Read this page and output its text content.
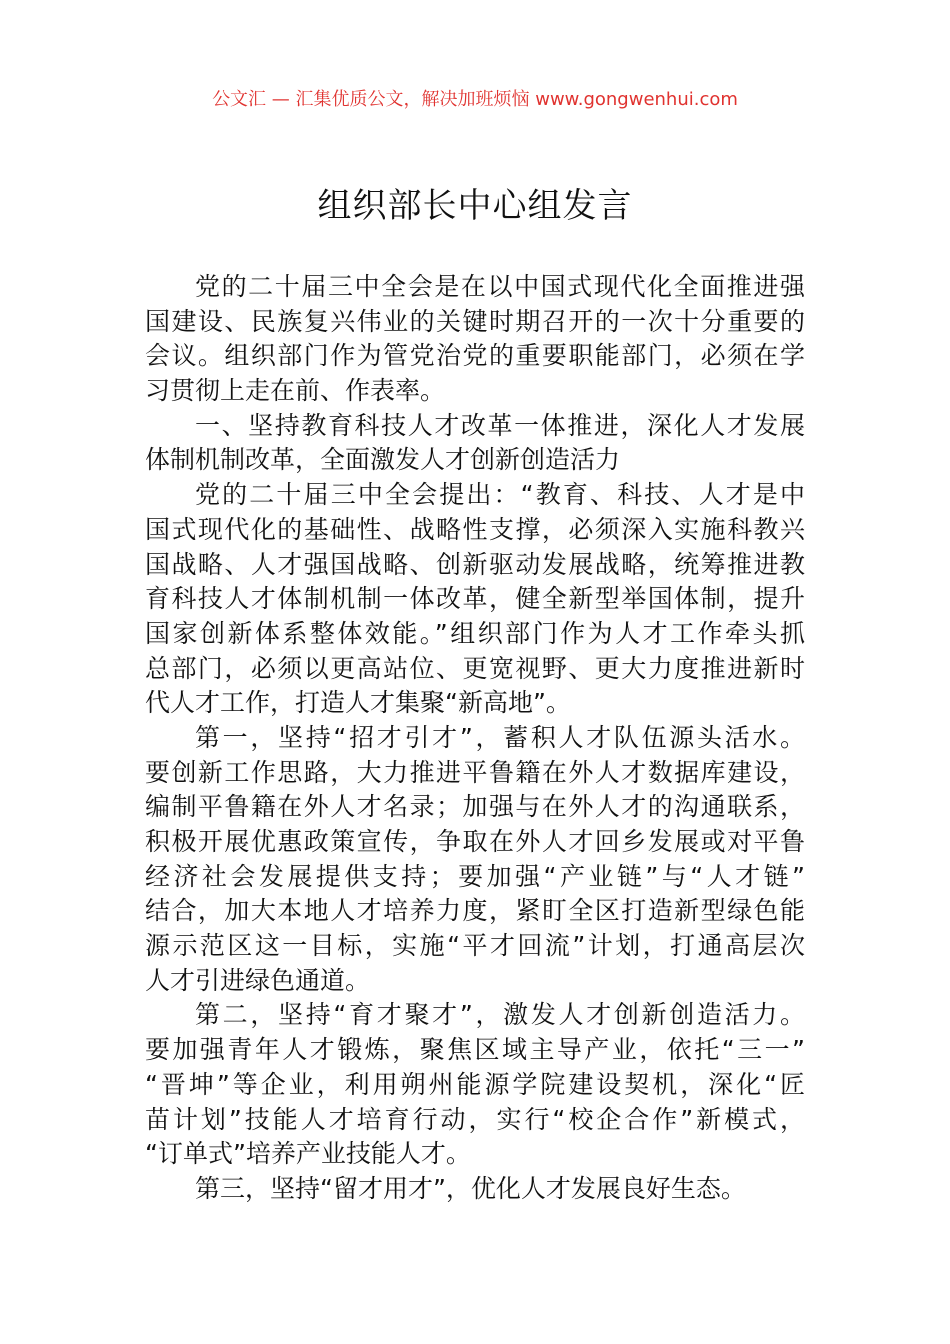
公文汇 — 汇集优质公文，解决加班烦恼 www.gongwenhui.com
组织部长中心组发言
党的二十届三中全会是在以中国式现代化全面推进强
国建设、民族复兴伟业的关键时期召开的一次十分重要的
会议。组织部门作为管党治党的重要职能部门，必须在学
习贯彻上走在前、作表率。
一、坚持教育科技人才改革一体推进，深化人才发展
体制机制改革，全面激发人才创新创造活力
党的二十届三中全会提出：“教育、科技、人才是中
国式现代化的基础性、战略性支撑，必须深入实施科教兴
国战略、人才强国战略、创新驱动发展战略，统筹推进教
育科技人才体制机制一体改革，健全新型举国体制，提升
国家创新体系整体效能。”组织部门作为人才工作牵头抓
总部门，必须以更高站位、更宽视野、更大力度推进新时
代人才工作，打造人才集聚“新高地”。
第一，坚持“招才引才”，蓄积人才队伍源头活水。
要创新工作思路，大力推进平鲁籍在外人才数据库建设，
编制平鲁籍在外人才名录；加强与在外人才的沟通联系，
积极开展优惠政策宣传，争取在外人才回乡发展或对平鲁
经济社会发展提供支持；要加强“产业链”与“人才链”
结合，加大本地人才培养力度，紧盯全区打造新型绿色能
源示范区这一目标，实施“平才回流”计划，打通高层次
人才引进绿色通道。
第二，坚持“育才聚才”，激发人才创新创造活力。
要加强青年人才锻炼，聚焦区域主导产业，依托“三一”
“晋坤”等企业，利用朔州能源学院建设契机，深化“匠
苗计划”技能人才培育行动，实行“校企合作”新模式，
“订单式”培养产业技能人才。
第三，坚持“留才用才”，优化人才发展良好生态。
